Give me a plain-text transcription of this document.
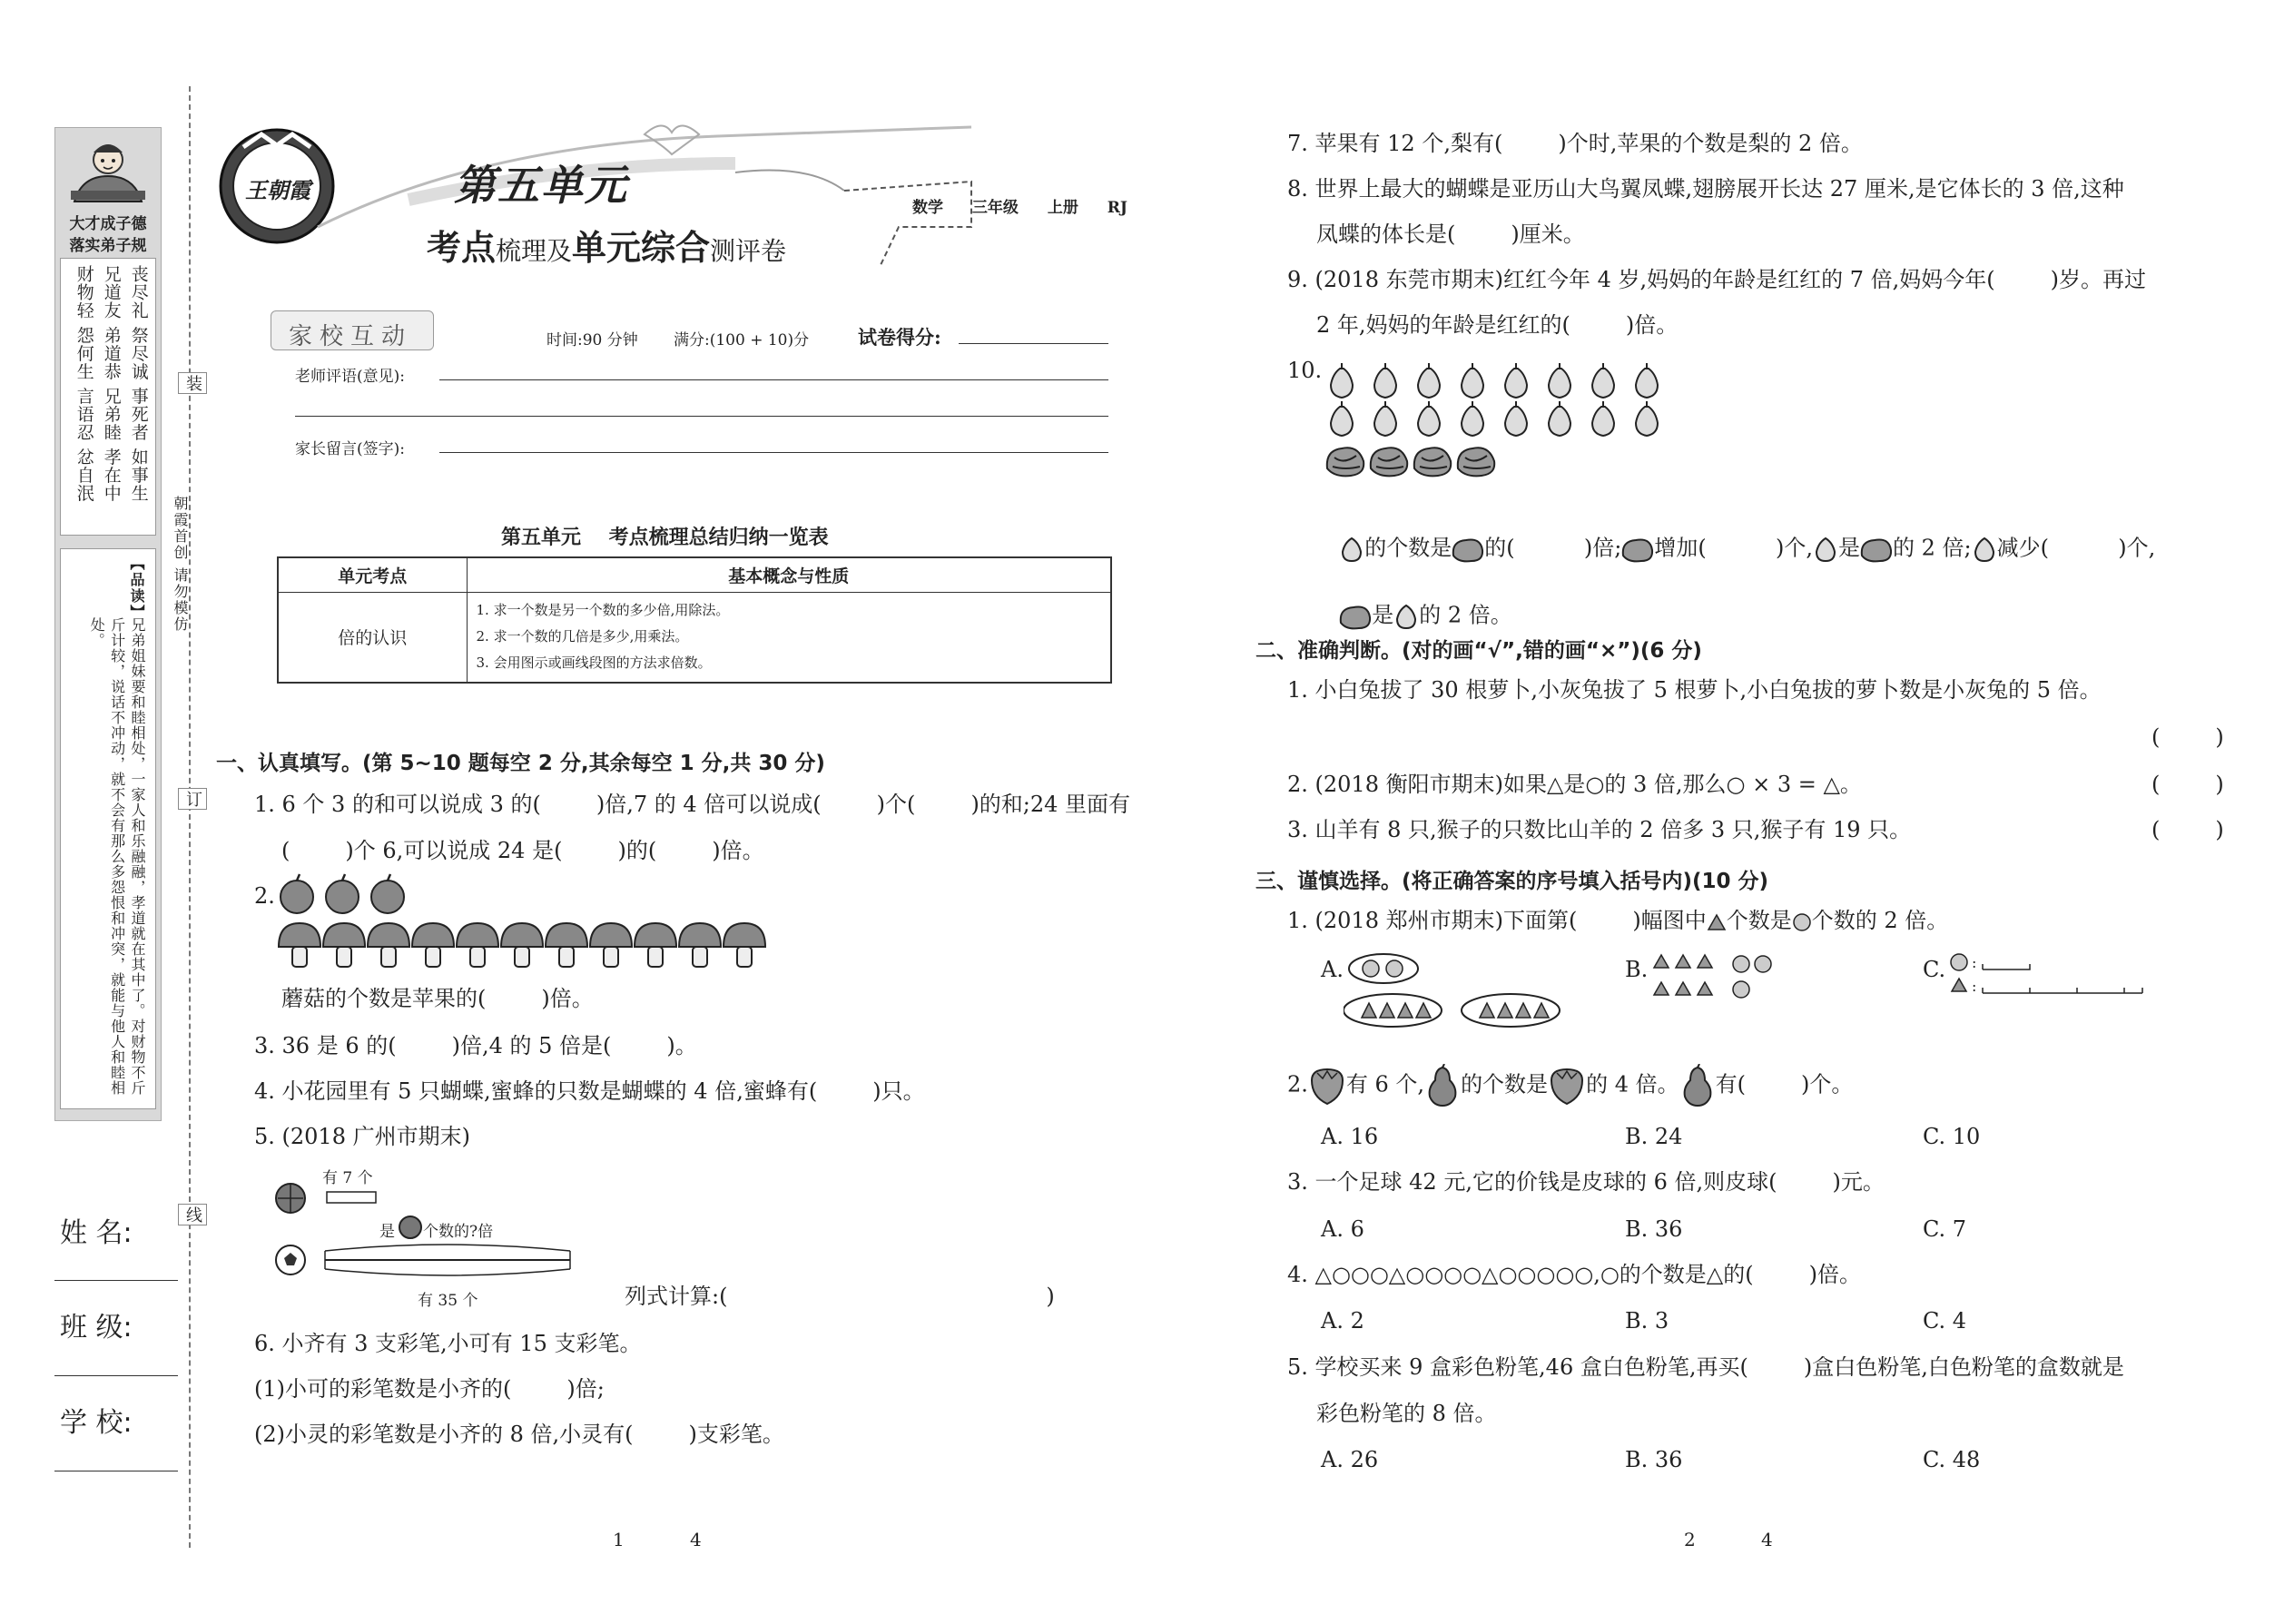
大才成子德
落实弟子规
丧尽礼 祭尽诚 事死者 如事生
兄道友 弟道恭 兄弟睦 孝在中
财物轻 怨何生 言语忍 忿自泯
【品读】
兄弟姐妹要和睦相处，一家人和乐融融，孝道就在其中了。对财物不斤斤计较，说话不冲动，就不会有那么多怨恨和冲突，就能与他人和睦相处。
姓 名:
班 级:
学 校:
装
订
线
朝霞首创 请勿模仿
王朝霞	第五单元
考点梳理及单元综合测评卷
数学 三年级 上册 RJ
家校互动	时间:90 分钟 满分:(100 + 10)分	试卷得分:
老师评语(意见):
家长留言(签字):
第五单元    考点梳理总结归纳一览表
单元考点	基本概念与性质
倍的认识	1. 求一个数是另一个数的多少倍,用除法。
2. 求一个数的几倍是多少,用乘法。
3. 会用图示或画线段图的方法求倍数。
一、认真填写。(第 5~10 题每空 2 分,其余每空 1 分,共 30 分)
1. 6 个 3 的和可以说成 3 的(        )倍,7 的 4 倍可以说成(        )个(        )的和;24 里面有
(        )个 6,可以说成 24 是(        )的(        )倍。
2.
蘑菇的个数是苹果的(        )倍。
3. 36 是 6 的(        )倍,4 的 5 倍是(        )。
4. 小花园里有 5 只蝴蝶,蜜蜂的只数是蝴蝶的 4 倍,蜜蜂有(        )只。
5. (2018 广州市期末)
有 7 个
是 个数的?倍
有 35 个	列式计算:(                                              )
6. 小齐有 3 支彩笔,小可有 15 支彩笔。
(1)小可的彩笔数是小齐的(        )倍;
(2)小灵的彩笔数是小齐的 8 倍,小灵有(        )支彩笔。
1	4
7. 苹果有 12 个,梨有(        )个时,苹果的个数是梨的 2 倍。
8. 世界上最大的蝴蝶是亚历山大鸟翼凤蝶,翅膀展开长达 27 厘米,是它体长的 3 倍,这种
凤蝶的体长是(        )厘米。
9. (2018 东莞市期末)红红今年 4 岁,妈妈的年龄是红红的 7 倍,妈妈今年(        )岁。再过
2 年,妈妈的年龄是红红的(        )倍。
10.

的个数是 的(          )倍; 增加(          )个, 是 的 2 倍; 减少(          )个,

是 的 2 倍。

二、准确判断。(对的画“√”,错的画“×”)(6 分)
1. 小白兔拔了 30 根萝卜,小灰兔拔了 5 根萝卜,小白兔拔的萝卜数是小灰兔的 5 倍。
(        )
2. (2018 衡阳市期末)如果△是○的 3 倍,那么○ × 3 = △。	(        )
3. 山羊有 8 只,猴子的只数比山羊的 2 倍多 3 只,猴子有 19 只。	(        )
三、谨慎选择。(将正确答案的序号填入括号内)(10 分)
1. (2018 郑州市期末)下面第(        )幅图中 个数是 个数的 2 倍。
A.	B.	C. :
:
2. 有 6 个, 的个数是 的 4 倍。 有(        )个。
A. 16	B. 24	C. 10
3. 一个足球 42 元,它的价钱是皮球的 6 倍,则皮球(        )元。
A. 6	B. 36	C. 7
4. △○○○△○○○○△○○○○○,○的个数是△的(        )倍。
A. 2	B. 3	C. 4
5. 学校买来 9 盒彩色粉笔,46 盒白色粉笔,再买(        )盒白色粉笔,白色粉笔的盒数就是
彩色粉笔的 8 倍。
A. 26	B. 36	C. 48
2	4
